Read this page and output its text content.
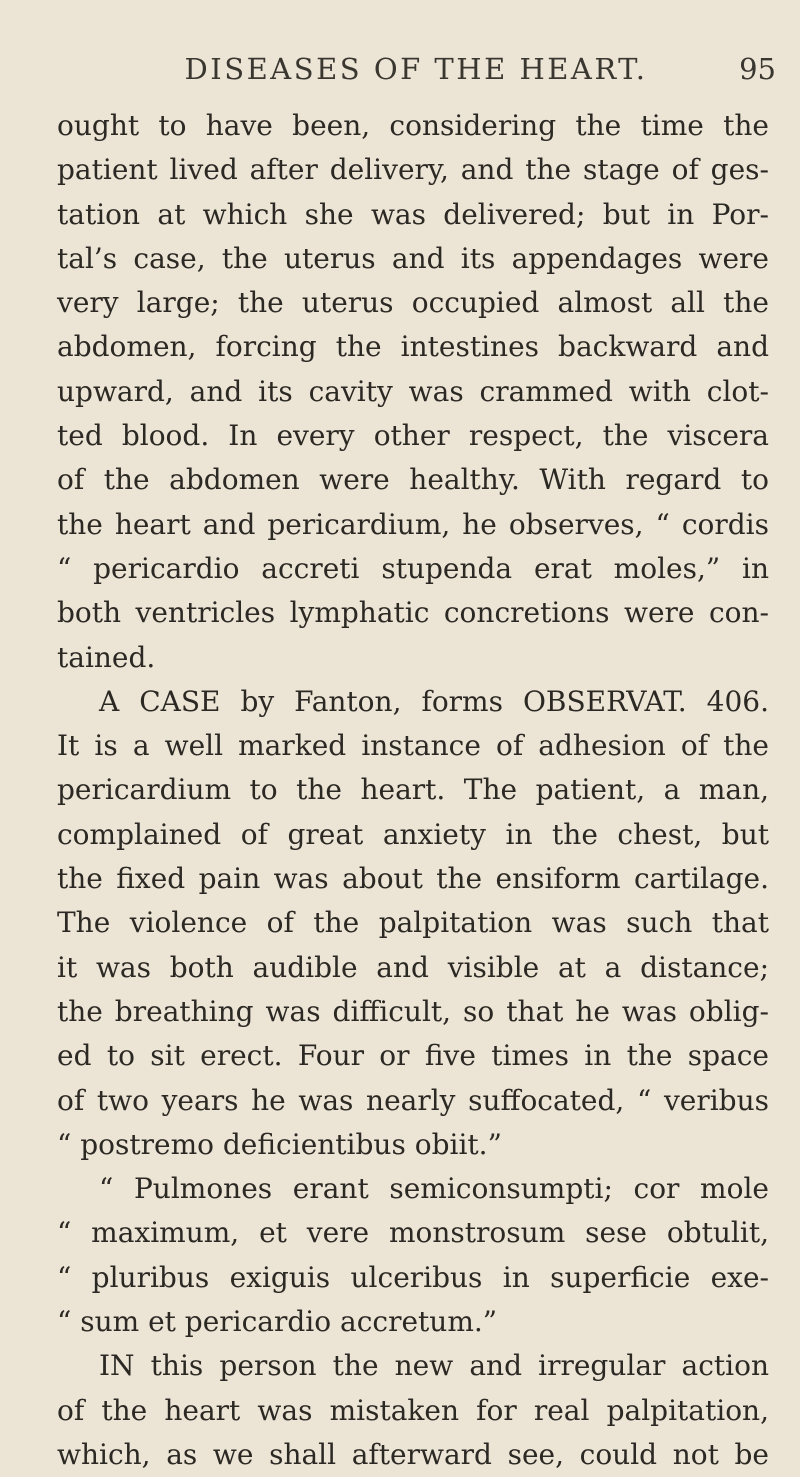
DISEASES OF THE HEART.	95
ought to have been, considering the time the
patient lived after delivery, and the stage of ges-
tation at which she was delivered; but in Por-
tal’s case, the uterus and its appendages were
very large; the uterus occupied almost all the
abdomen, forcing the intestines backward and
upward, and its cavity was crammed with clot-
ted blood. In every other respect, the viscera
of the abdomen were healthy. With regard to
the heart and pericardium, he observes, “ cordis
“ pericardio accreti stupenda erat moles,” in
both ventricles lymphatic concretions were con-
tained.
A CASE by Fanton, forms OBSERVAT. 406.
It is a well marked instance of adhesion of the
pericardium to the heart. The patient, a man,
complained of great anxiety in the chest, but
the fixed pain was about the ensiform cartilage.
The violence of the palpitation was such that
it was both audible and visible at a distance;
the breathing was difficult, so that he was oblig-
ed to sit erect. Four or five times in the space
of two years he was nearly suffocated, “ veribus
“ postremo deficientibus obiit.”
“ Pulmones erant semiconsumpti; cor mole
“ maximum, et vere monstrosum sese obtulit,
“ pluribus exiguis ulceribus in superficie exe-
“ sum et pericardio accretum.”
IN this person the new and irregular action
of the heart was mistaken for real palpitation,
which, as we shall afterward see, could not be
